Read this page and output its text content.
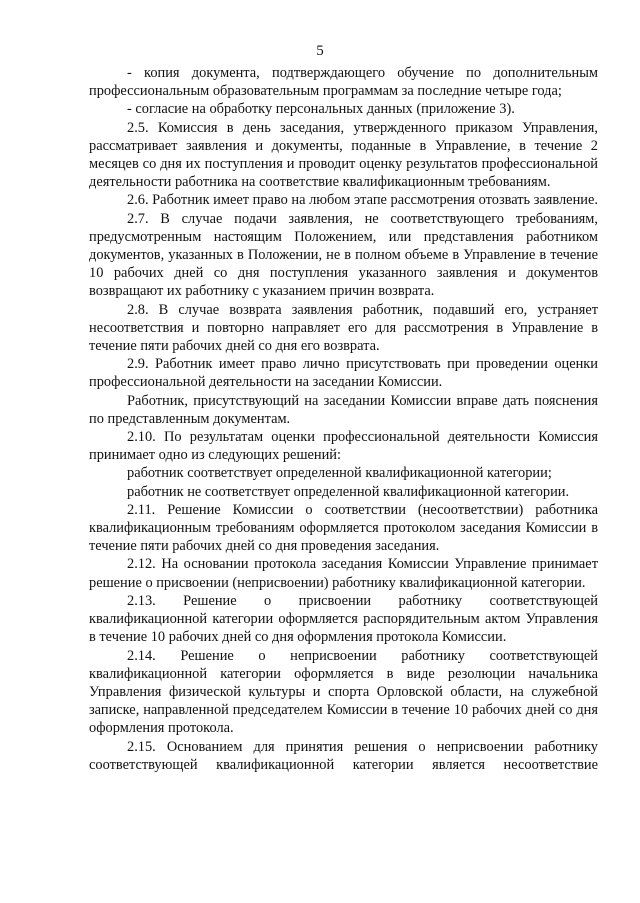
5

- копия документа, подтверждающего обучение по дополнительным профессиональным образовательным программам за последние четыре года;

- согласие на обработку персональных данных (приложение 3).

2.5. Комиссия в день заседания, утвержденного приказом Управления, рассматривает заявления и документы, поданные в Управление, в течение 2 месяцев со дня их поступления и проводит оценку результатов профессиональной деятельности работника на соответствие квалификационным требованиям.

2.6. Работник имеет право на любом этапе рассмотрения отозвать заявление.

2.7. В случае подачи заявления, не соответствующего требованиям, предусмотренным настоящим Положением, или представления работником документов, указанных в Положении, не в полном объеме в Управление в течение 10 рабочих дней со дня поступления указанного заявления и документов возвращают их работнику с указанием причин возврата.

2.8. В случае возврата заявления работник, подавший его, устраняет несоответствия и повторно направляет его для рассмотрения в Управление в течение пяти рабочих дней со дня его возврата.

2.9. Работник имеет право лично присутствовать при проведении оценки профессиональной деятельности на заседании Комиссии.

Работник, присутствующий на заседании Комиссии вправе дать пояснения по представленным документам.

2.10. По результатам оценки профессиональной деятельности Комиссия принимает одно из следующих решений:

работник соответствует определенной квалификационной категории;

работник не соответствует определенной квалификационной категории.

2.11. Решение Комиссии о соответствии (несоответствии) работника квалификационным требованиям оформляется протоколом заседания Комиссии в течение пяти рабочих дней со дня проведения заседания.

2.12. На основании протокола заседания Комиссии Управление принимает решение о присвоении (неприсвоении) работнику квалификационной категории.

2.13. Решение о присвоении работнику соответствующей квалификационной категории оформляется распорядительным актом Управления в течение 10 рабочих дней со дня оформления протокола Комиссии.

2.14. Решение о неприсвоении работнику соответствующей квалификационной категории оформляется в виде резолюции начальника Управления физической культуры и спорта Орловской области, на служебной записке, направленной председателем Комиссии в течение 10 рабочих дней со дня оформления протокола.

2.15. Основанием для принятия решения о неприсвоении работнику соответствующей квалификационной категории является несоответствие
